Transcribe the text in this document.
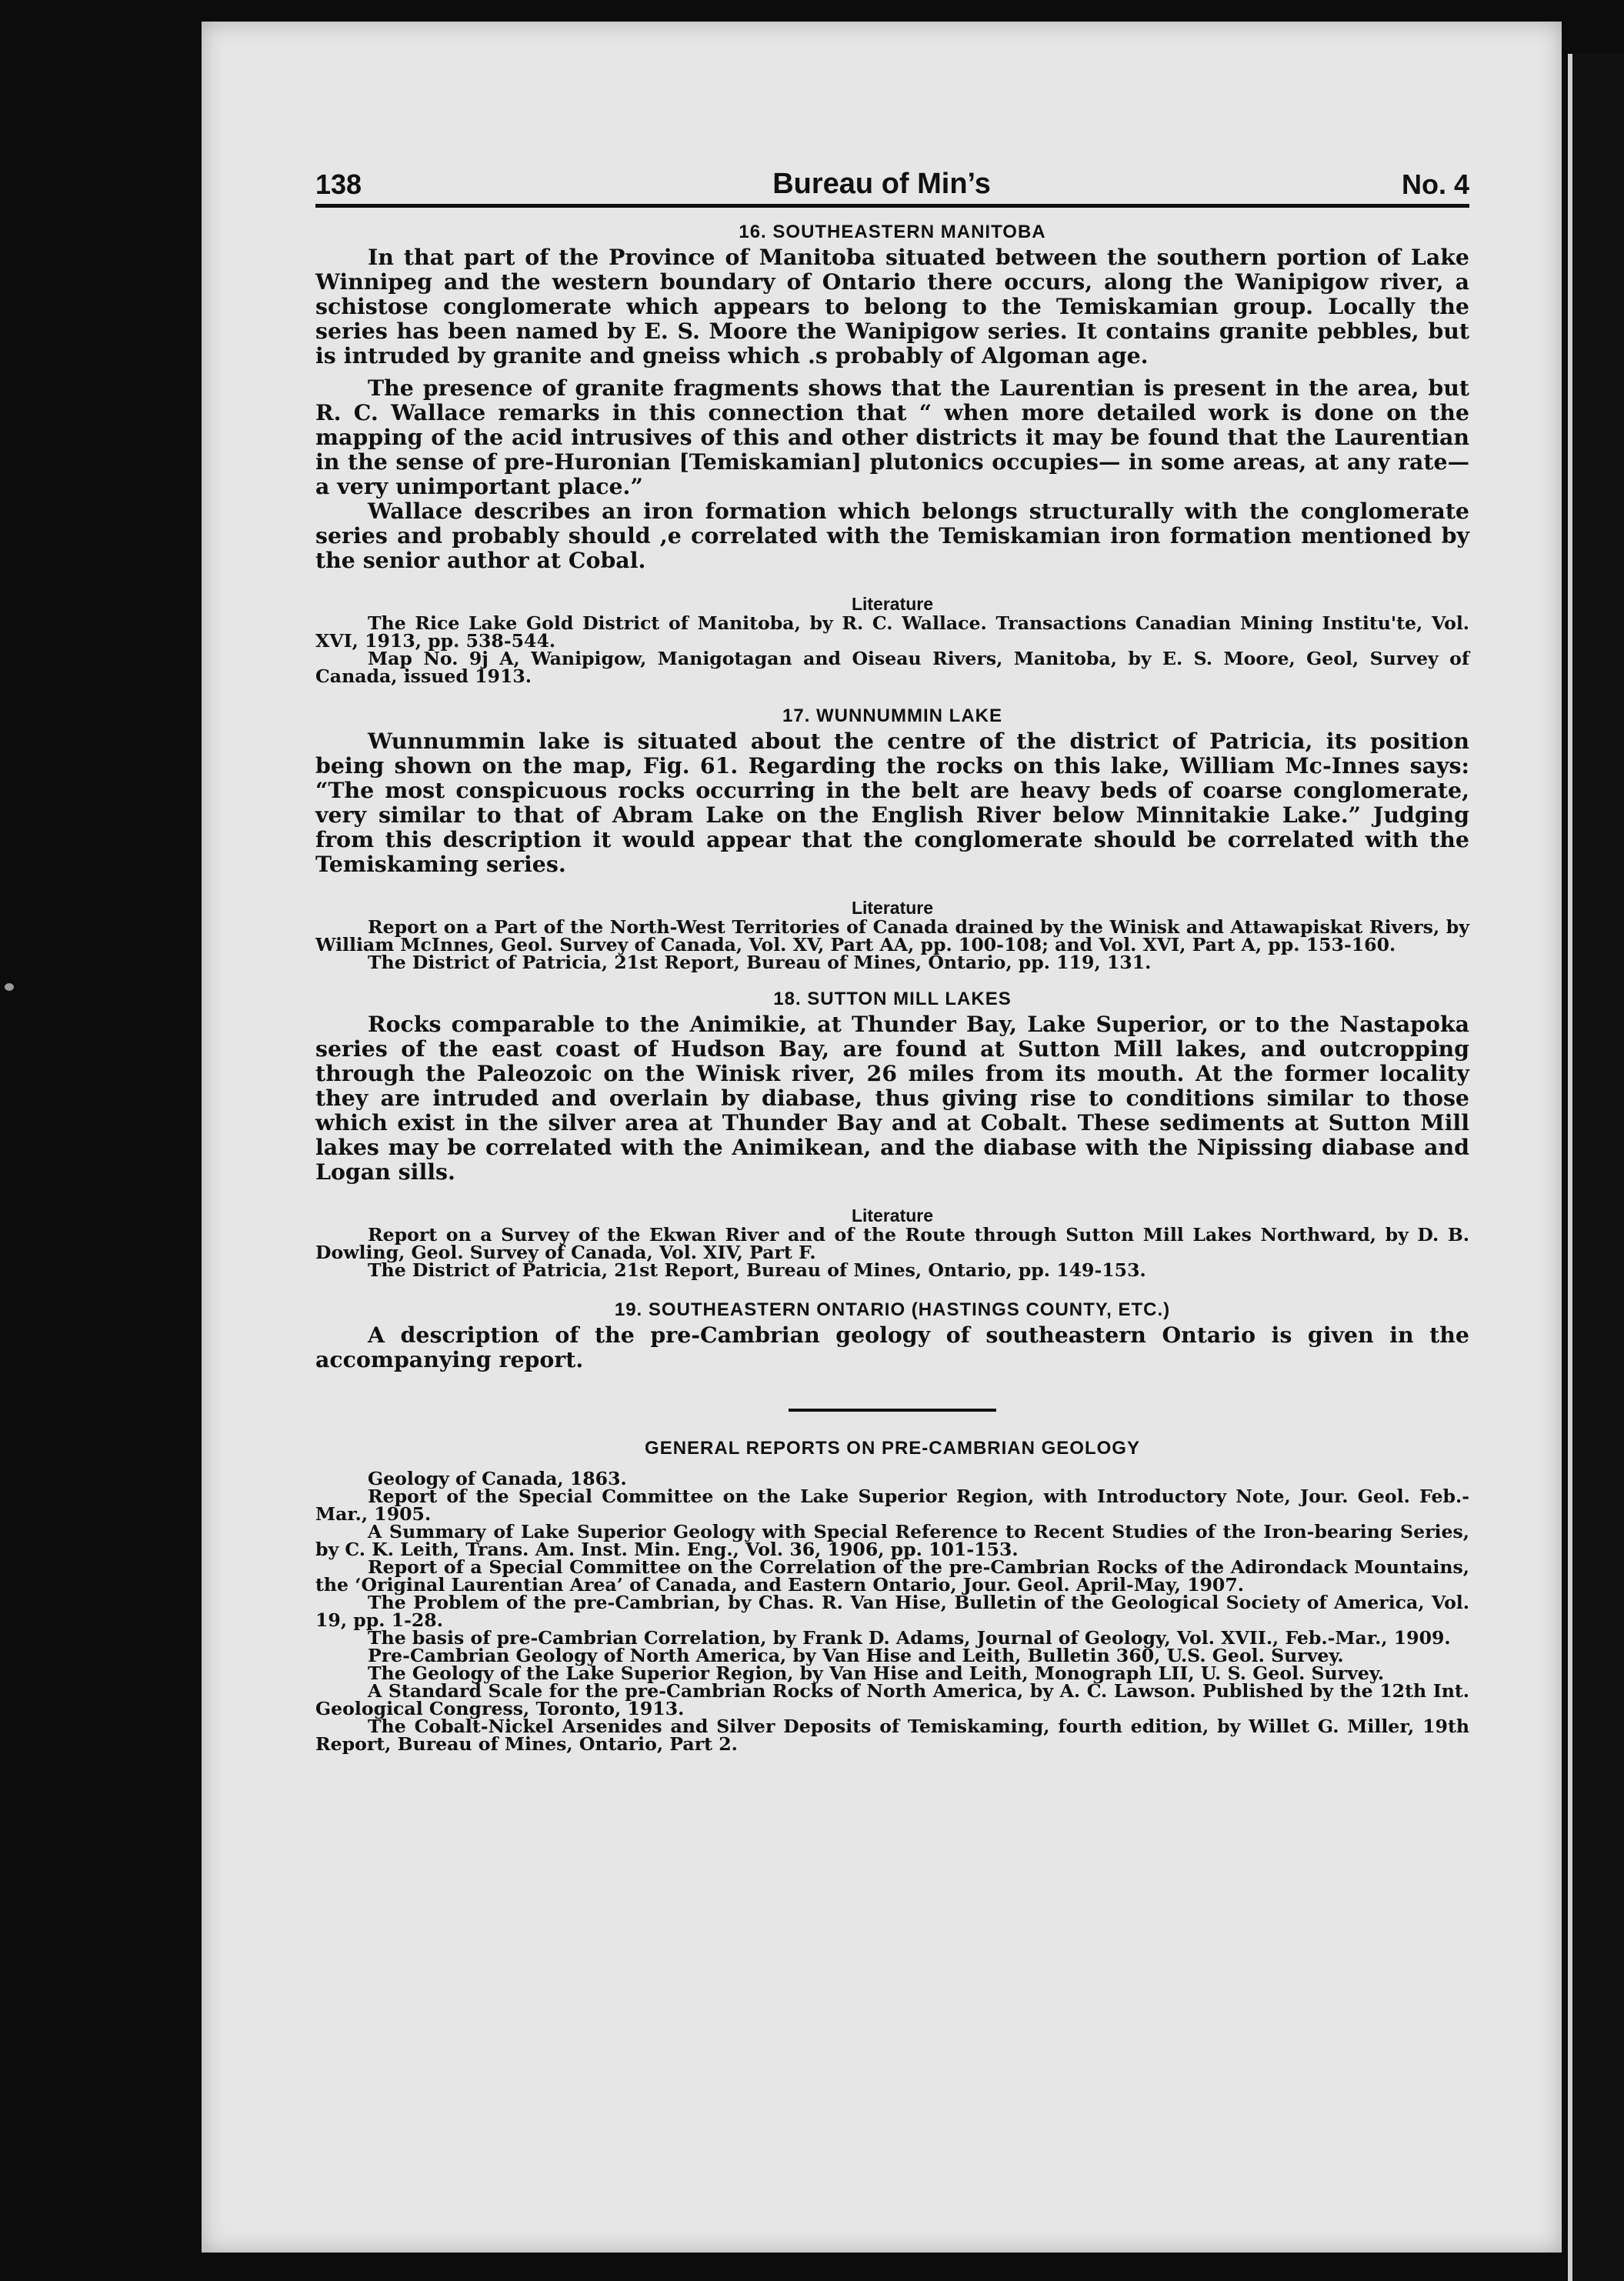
138	Bureau of Min’s	No. 4
16. SOUTHEASTERN MANITOBA

In that part of the Province of Manitoba situated between the southern portion of Lake Winnipeg and the western boundary of Ontario there occurs, along the Wanipigow river, a schistose conglomerate which appears to belong to the Temiskamian group. Locally the series has been named by E. S. Moore the Wanipigow series. It contains granite pebbles, but is intruded by granite and gneiss which .s probably of Algoman age.

The presence of granite fragments shows that the Laurentian is present in the area, but R. C. Wallace remarks in this connection that “ when more detailed work is done on the mapping of the acid intrusives of this and other districts it may be found that the Laurentian in the sense of pre-Huronian [Temiskamian] plutonics occupies— in some areas, at any rate—a very unimportant place.”

Wallace describes an iron formation which belongs structurally with the conglomerate series and probably should ,e correlated with the Temiskamian iron formation mentioned by the senior author at Cobal.

Literature

The Rice Lake Gold District of Manitoba, by R. C. Wallace. Transactions Canadian Mining Institu'te, Vol. XVI, 1913, pp. 538-544.

Map No. 9j A, Wanipigow, Manigotagan and Oiseau Rivers, Manitoba, by E. S. Moore, Geol, Survey of Canada, issued 1913.

17. WUNNUMMIN LAKE

Wunnummin lake is situated about the centre of the district of Patricia, its position being shown on the map, Fig. 61. Regarding the rocks on this lake, William Mc-Innes says: “The most conspicuous rocks occurring in the belt are heavy beds of coarse conglomerate, very similar to that of Abram Lake on the English River below Minnitakie Lake.” Judging from this description it would appear that the conglomerate should be correlated with the Temiskaming series.

Literature

Report on a Part of the North-West Territories of Canada drained by the Winisk and Attawapiskat Rivers, by William McInnes, Geol. Survey of Canada, Vol. XV, Part AA, pp. 100-108; and Vol. XVI, Part A, pp. 153-160.

The District of Patricia, 21st Report, Bureau of Mines, Ontario, pp. 119, 131.

18. SUTTON MILL LAKES

Rocks comparable to the Animikie, at Thunder Bay, Lake Superior, or to the Nastapoka series of the east coast of Hudson Bay, are found at Sutton Mill lakes, and outcropping through the Paleozoic on the Winisk river, 26 miles from its mouth. At the former locality they are intruded and overlain by diabase, thus giving rise to conditions similar to those which exist in the silver area at Thunder Bay and at Cobalt. These sediments at Sutton Mill lakes may be correlated with the Animikean, and the diabase with the Nipissing diabase and Logan sills.

Literature

Report on a Survey of the Ekwan River and of the Route through Sutton Mill Lakes Northward, by D. B. Dowling, Geol. Survey of Canada, Vol. XIV, Part F.

The District of Patricia, 21st Report, Bureau of Mines, Ontario, pp. 149-153.

19. SOUTHEASTERN ONTARIO (HASTINGS COUNTY, ETC.)

A description of the pre-Cambrian geology of southeastern Ontario is given in the accompanying report.

GENERAL REPORTS ON PRE-CAMBRIAN GEOLOGY

Geology of Canada, 1863.

Report of the Special Committee on the Lake Superior Region, with Introductory Note, Jour. Geol. Feb.-Mar., 1905.

A Summary of Lake Superior Geology with Special Reference to Recent Studies of the Iron-bearing Series, by C. K. Leith, Trans. Am. Inst. Min. Eng., Vol. 36, 1906, pp. 101-153.

Report of a Special Committee on the Correlation of the pre-Cambrian Rocks of the Adirondack Mountains, the ‘Original Laurentian Area’ of Canada, and Eastern Ontario, Jour. Geol. April-May, 1907.

The Problem of the pre-Cambrian, by Chas. R. Van Hise, Bulletin of the Geological Society of America, Vol. 19, pp. 1-28.

The basis of pre-Cambrian Correlation, by Frank D. Adams, Journal of Geology, Vol. XVII., Feb.-Mar., 1909.

Pre-Cambrian Geology of North America, by Van Hise and Leith, Bulletin 360, U.S. Geol. Survey.

The Geology of the Lake Superior Region, by Van Hise and Leith, Monograph LII, U. S. Geol. Survey.

A Standard Scale for the pre-Cambrian Rocks of North America, by A. C. Lawson. Published by the 12th Int. Geological Congress, Toronto, 1913.

The Cobalt-Nickel Arsenides and Silver Deposits of Temiskaming, fourth edition, by Willet G. Miller, 19th Report, Bureau of Mines, Ontario, Part 2.
